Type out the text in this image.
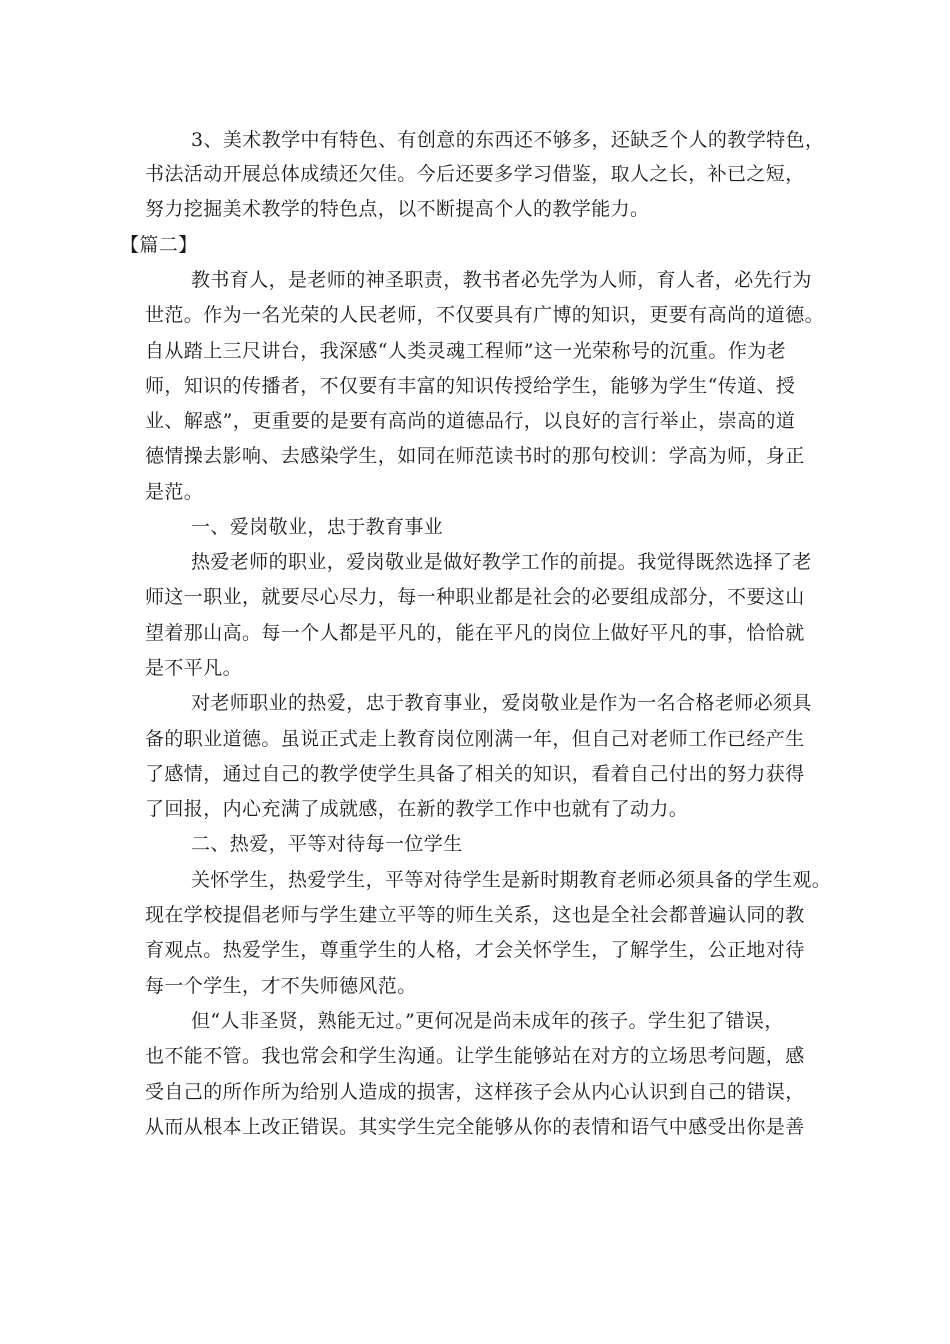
3、美术教学中有特色、有创意的东西还不够多，还缺乏个人的教学特色，
书法活动开展总体成绩还欠佳。今后还要多学习借鉴，取人之长，补已之短，
努力挖掘美术教学的特色点，以不断提高个人的教学能力。
【篇二】
教书育人，是老师的神圣职责，教书者必先学为人师，育人者，必先行为
世范。作为一名光荣的人民老师，不仅要具有广博的知识，更要有高尚的道德。
自从踏上三尺讲台，我深感“人类灵魂工程师”这一光荣称号的沉重。作为老
师，知识的传播者，不仅要有丰富的知识传授给学生，能够为学生“传道、授
业、解惑”，更重要的是要有高尚的道德品行，以良好的言行举止，崇高的道
德情操去影响、去感染学生，如同在师范读书时的那句校训：学高为师，身正
是范。
一、爱岗敬业，忠于教育事业
热爱老师的职业，爱岗敬业是做好教学工作的前提。我觉得既然选择了老
师这一职业，就要尽心尽力，每一种职业都是社会的必要组成部分，不要这山
望着那山高。每一个人都是平凡的，能在平凡的岗位上做好平凡的事，恰恰就
是不平凡。
对老师职业的热爱，忠于教育事业，爱岗敬业是作为一名合格老师必须具
备的职业道德。虽说正式走上教育岗位刚满一年，但自己对老师工作已经产生
了感情，通过自己的教学使学生具备了相关的知识，看着自己付出的努力获得
了回报，内心充满了成就感，在新的教学工作中也就有了动力。
二、热爱，平等对待每一位学生
关怀学生，热爱学生，平等对待学生是新时期教育老师必须具备的学生观。
现在学校提倡老师与学生建立平等的师生关系，这也是全社会都普遍认同的教
育观点。热爱学生，尊重学生的人格，才会关怀学生，了解学生，公正地对待
每一个学生，才不失师德风范。
但“人非圣贤，熟能无过。”更何况是尚未成年的孩子。学生犯了错误，
也不能不管。我也常会和学生沟通。让学生能够站在对方的立场思考问题，感
受自己的所作所为给别人造成的损害，这样孩子会从内心认识到自己的错误，
从而从根本上改正错误。其实学生完全能够从你的表情和语气中感受出你是善
